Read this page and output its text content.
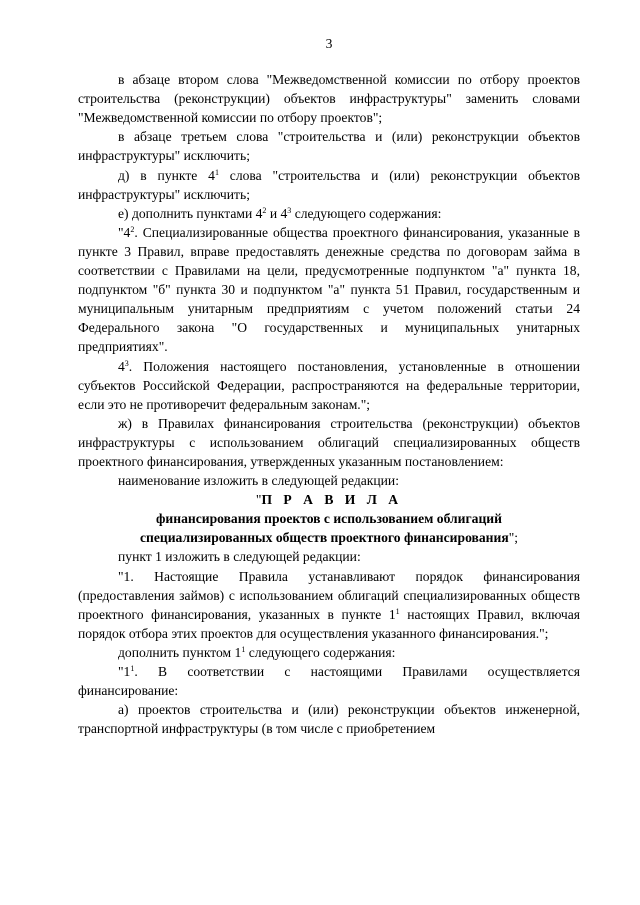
3

в абзаце втором слова "Межведомственной комиссии по отбору проектов строительства (реконструкции) объектов инфраструктуры" заменить словами "Межведомственной комиссии по отбору проектов";

в абзаце третьем слова "строительства и (или) реконструкции объектов инфраструктуры" исключить;

д) в пункте $4^1$ слова "строительства и (или) реконструкции объектов инфраструктуры" исключить;

е) дополнить пунктами $4^2$ и $4^3$ следующего содержания:

"$4^2$. Специализированные общества проектного финансирования, указанные в пункте 3 Правил, вправе предоставлять денежные средства по договорам займа в соответствии с Правилами на цели, предусмотренные подпунктом "а" пункта 18, подпунктом "б" пункта 30 и подпунктом "а" пункта 51 Правил, государственным и муниципальным унитарным предприятиям с учетом положений статьи 24 Федерального закона "О государственных и муниципальных унитарных предприятиях".

$4^3$. Положения настоящего постановления, установленные в отношении субъектов Российской Федерации, распространяются на федеральные территории, если это не противоречит федеральным законам.";

ж) в Правилах финансирования строительства (реконструкции) объектов инфраструктуры с использованием облигаций специализированных обществ проектного финансирования, утвержденных указанным постановлением:

наименование изложить в следующей редакции:

"П Р А В И Л А

финансирования проектов с использованием облигаций

специализированных обществ проектного финансирования";

пункт 1 изложить в следующей редакции:

"1. Настоящие Правила устанавливают порядок финансирования (предоставления займов) с использованием облигаций специализированных обществ проектного финансирования, указанных в пункте $1^1$ настоящих Правил, включая порядок отбора этих проектов для осуществления указанного финансирования.";

дополнить пунктом $1^1$ следующего содержания:

"$1^1$. В соответствии с настоящими Правилами осуществляется финансирование:

а) проектов строительства и (или) реконструкции объектов инженерной, транспортной инфраструктуры (в том числе с приобретением
